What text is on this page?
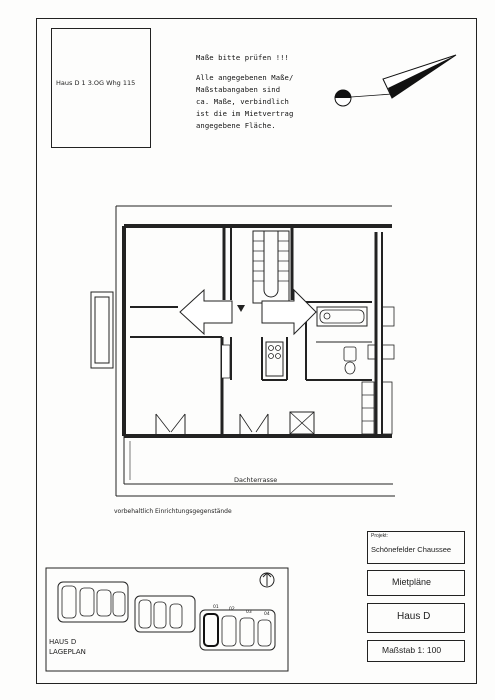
Haus D 1 3.OG Whg 115
Maße bitte prüfen !!!
Alle angegebenen Maße/
Maßstabangaben sind
ca. Maße, verbindlich
ist die im Mietvertrag
angegebene Fläche.
Dachterrasse
vorbehaltlich Einrichtungsgegenstände
01 02
03	04
HAUS D
LAGEPLAN
Projekt:
Schönefelder Chaussee
Mietpläne
Haus D
Maßstab 1: 100
